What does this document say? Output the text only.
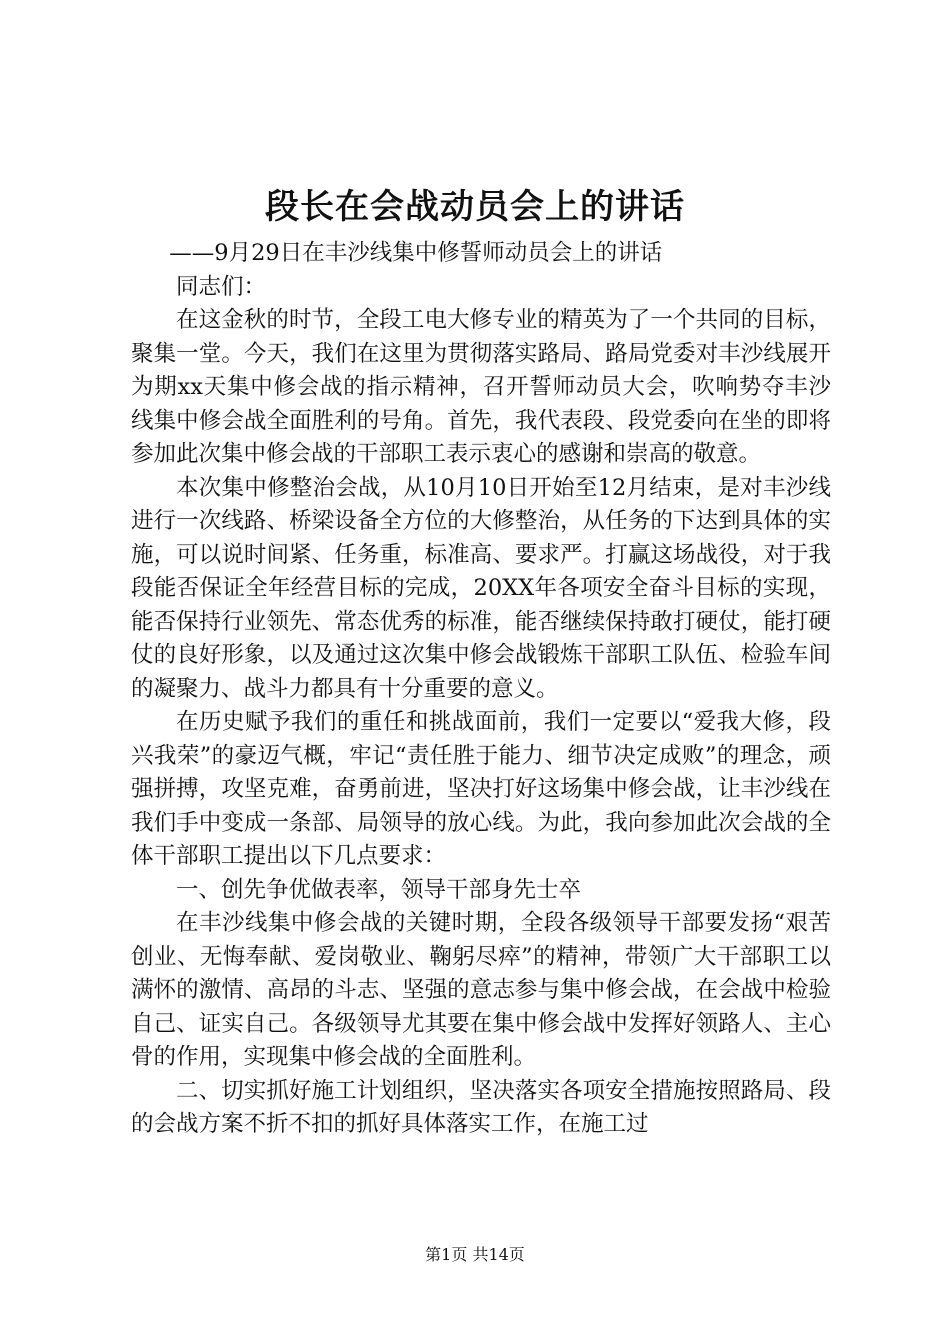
段长在会战动员会上的讲话

——9月29日在丰沙线集中修誓师动员会上的讲话

同志们：

在这金秋的时节，全段工电大修专业的精英为了一个共同的目标，聚集一堂。今天，我们在这里为贯彻落实路局、路局党委对丰沙线展开为期xx天集中修会战的指示精神，召开誓师动员大会，吹响势夺丰沙线集中修会战全面胜利的号角。首先，我代表段、段党委向在坐的即将参加此次集中修会战的干部职工表示衷心的感谢和崇高的敬意。

本次集中修整治会战，从10月10日开始至12月结束，是对丰沙线进行一次线路、桥梁设备全方位的大修整治，从任务的下达到具体的实施，可以说时间紧、任务重，标准高、要求严。打赢这场战役，对于我段能否保证全年经营目标的完成，20XX年各项安全奋斗目标的实现，能否保持行业领先、常态优秀的标准，能否继续保持敢打硬仗，能打硬仗的良好形象，以及通过这次集中修会战锻炼干部职工队伍、检验车间的凝聚力、战斗力都具有十分重要的意义。

在历史赋予我们的重任和挑战面前，我们一定要以“爱我大修，段兴我荣”的豪迈气概，牢记“责任胜于能力、细节决定成败”的理念，顽强拼搏，攻坚克难，奋勇前进，坚决打好这场集中修会战，让丰沙线在我们手中变成一条部、局领导的放心线。为此，我向参加此次会战的全体干部职工提出以下几点要求：

一、创先争优做表率，领导干部身先士卒

在丰沙线集中修会战的关键时期，全段各级领导干部要发扬“艰苦创业、无悔奉献、爱岗敬业、鞠躬尽瘁”的精神，带领广大干部职工以满怀的激情、高昂的斗志、坚强的意志参与集中修会战，在会战中检验自己、证实自己。各级领导尤其要在集中修会战中发挥好领路人、主心骨的作用，实现集中修会战的全面胜利。

二、切实抓好施工计划组织，坚决落实各项安全措施按照路局、段的会战方案不折不扣的抓好具体落实工作，在施工过

第1页 共14页
